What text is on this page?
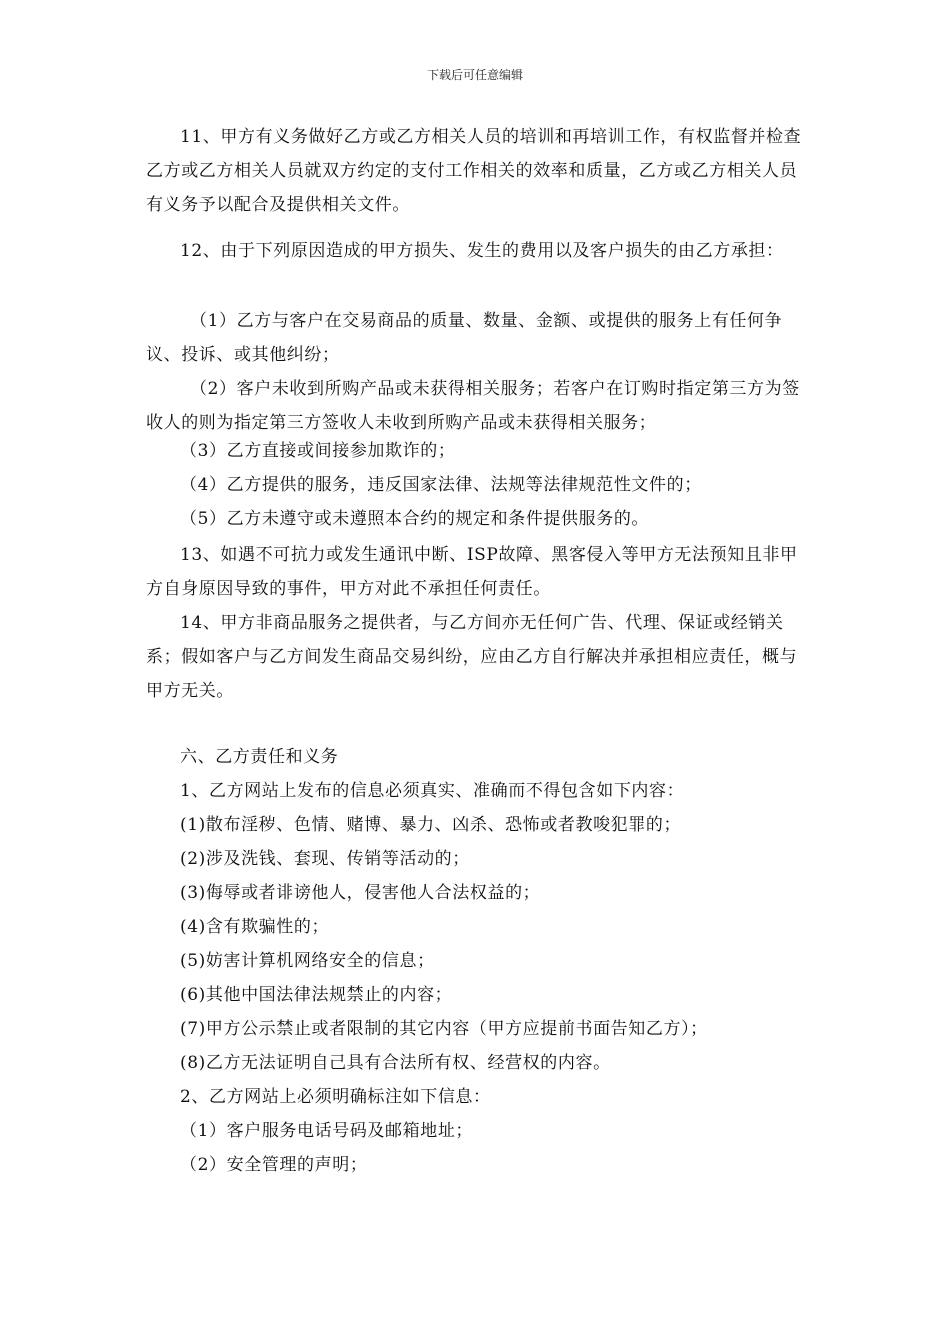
下载后可任意编辑

11、甲方有义务做好乙方或乙方相关人员的培训和再培训工作，有权监督并检查乙方或乙方相关人员就双方约定的支付工作相关的效率和质量，乙方或乙方相关人员有义务予以配合及提供相关文件。

12、由于下列原因造成的甲方损失、发生的费用以及客户损失的由乙方承担：

（1）乙方与客户在交易商品的质量、数量、金额、或提供的服务上有任何争议、投诉、或其他纠纷；

（2）客户未收到所购产品或未获得相关服务；若客户在订购时指定第三方为签收人的则为指定第三方签收人未收到所购产品或未获得相关服务；

（3）乙方直接或间接参加欺诈的；
（4）乙方提供的服务，违反国家法律、法规等法律规范性文件的；
（5）乙方未遵守或未遵照本合约的规定和条件提供服务的。

13、如遇不可抗力或发生通讯中断、ISP故障、黑客侵入等甲方无法预知且非甲方自身原因导致的事件，甲方对此不承担任何责任。

14、甲方非商品服务之提供者，与乙方间亦无任何广告、代理、保证或经销关系；假如客户与乙方间发生商品交易纠纷，应由乙方自行解决并承担相应责任，概与甲方无关。

六、乙方责任和义务
1、乙方网站上发布的信息必须真实、准确而不得包含如下内容：
(1)散布淫秽、色情、赌博、暴力、凶杀、恐怖或者教唆犯罪的；
(2)涉及洗钱、套现、传销等活动的；
(3)侮辱或者诽谤他人，侵害他人合法权益的；
(4)含有欺骗性的；
(5)妨害计算机网络安全的信息；
(6)其他中国法律法规禁止的内容；
(7)甲方公示禁止或者限制的其它内容（甲方应提前书面告知乙方）；
(8)乙方无法证明自己具有合法所有权、经营权的内容。
2、乙方网站上必须明确标注如下信息：
（1）客户服务电话号码及邮箱地址；
（2）安全管理的声明；
